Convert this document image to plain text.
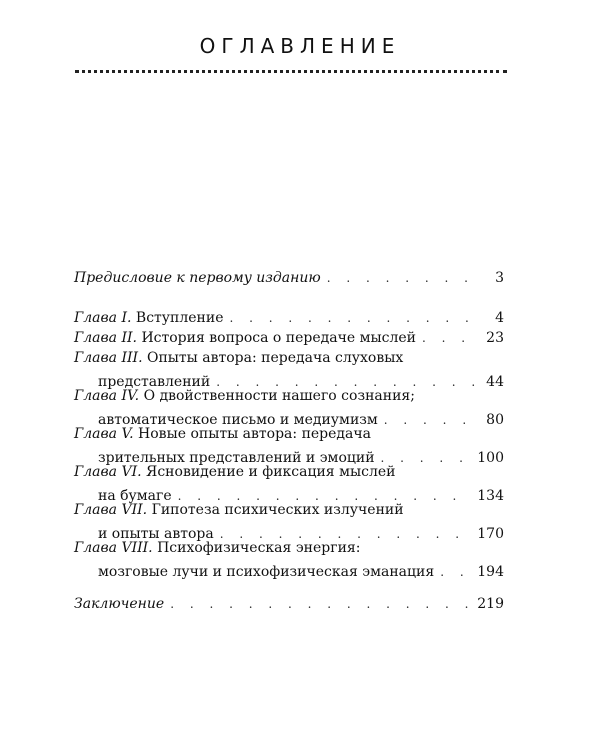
ОГЛАВЛЕНИЕ
Предисловие к первому изданию . . .	3
Глава I.
Вступление . . .	4
Глава II.
История вопроса о передаче мыслей . . .	23
Глава III.
Опыты автора: передача слуховых
представлений . . .	44
Глава IV.
О двойственности нашего сознания;
автоматическое письмо и медиумизм . . .	80
Глава V.
Новые опыты автора: передача
зрительных представлений и эмоций . . .	100
Глава VI.
Ясновидение и фиксация мыслей
на бумаге . . .	134
Глава VII.
Гипотеза психических излучений
и опыты автора . . .	170
Глава VIII.
Психофизическая энергия:
мозговые лучи и психофизическая эманация . . .	194
Заключение . . .	219
